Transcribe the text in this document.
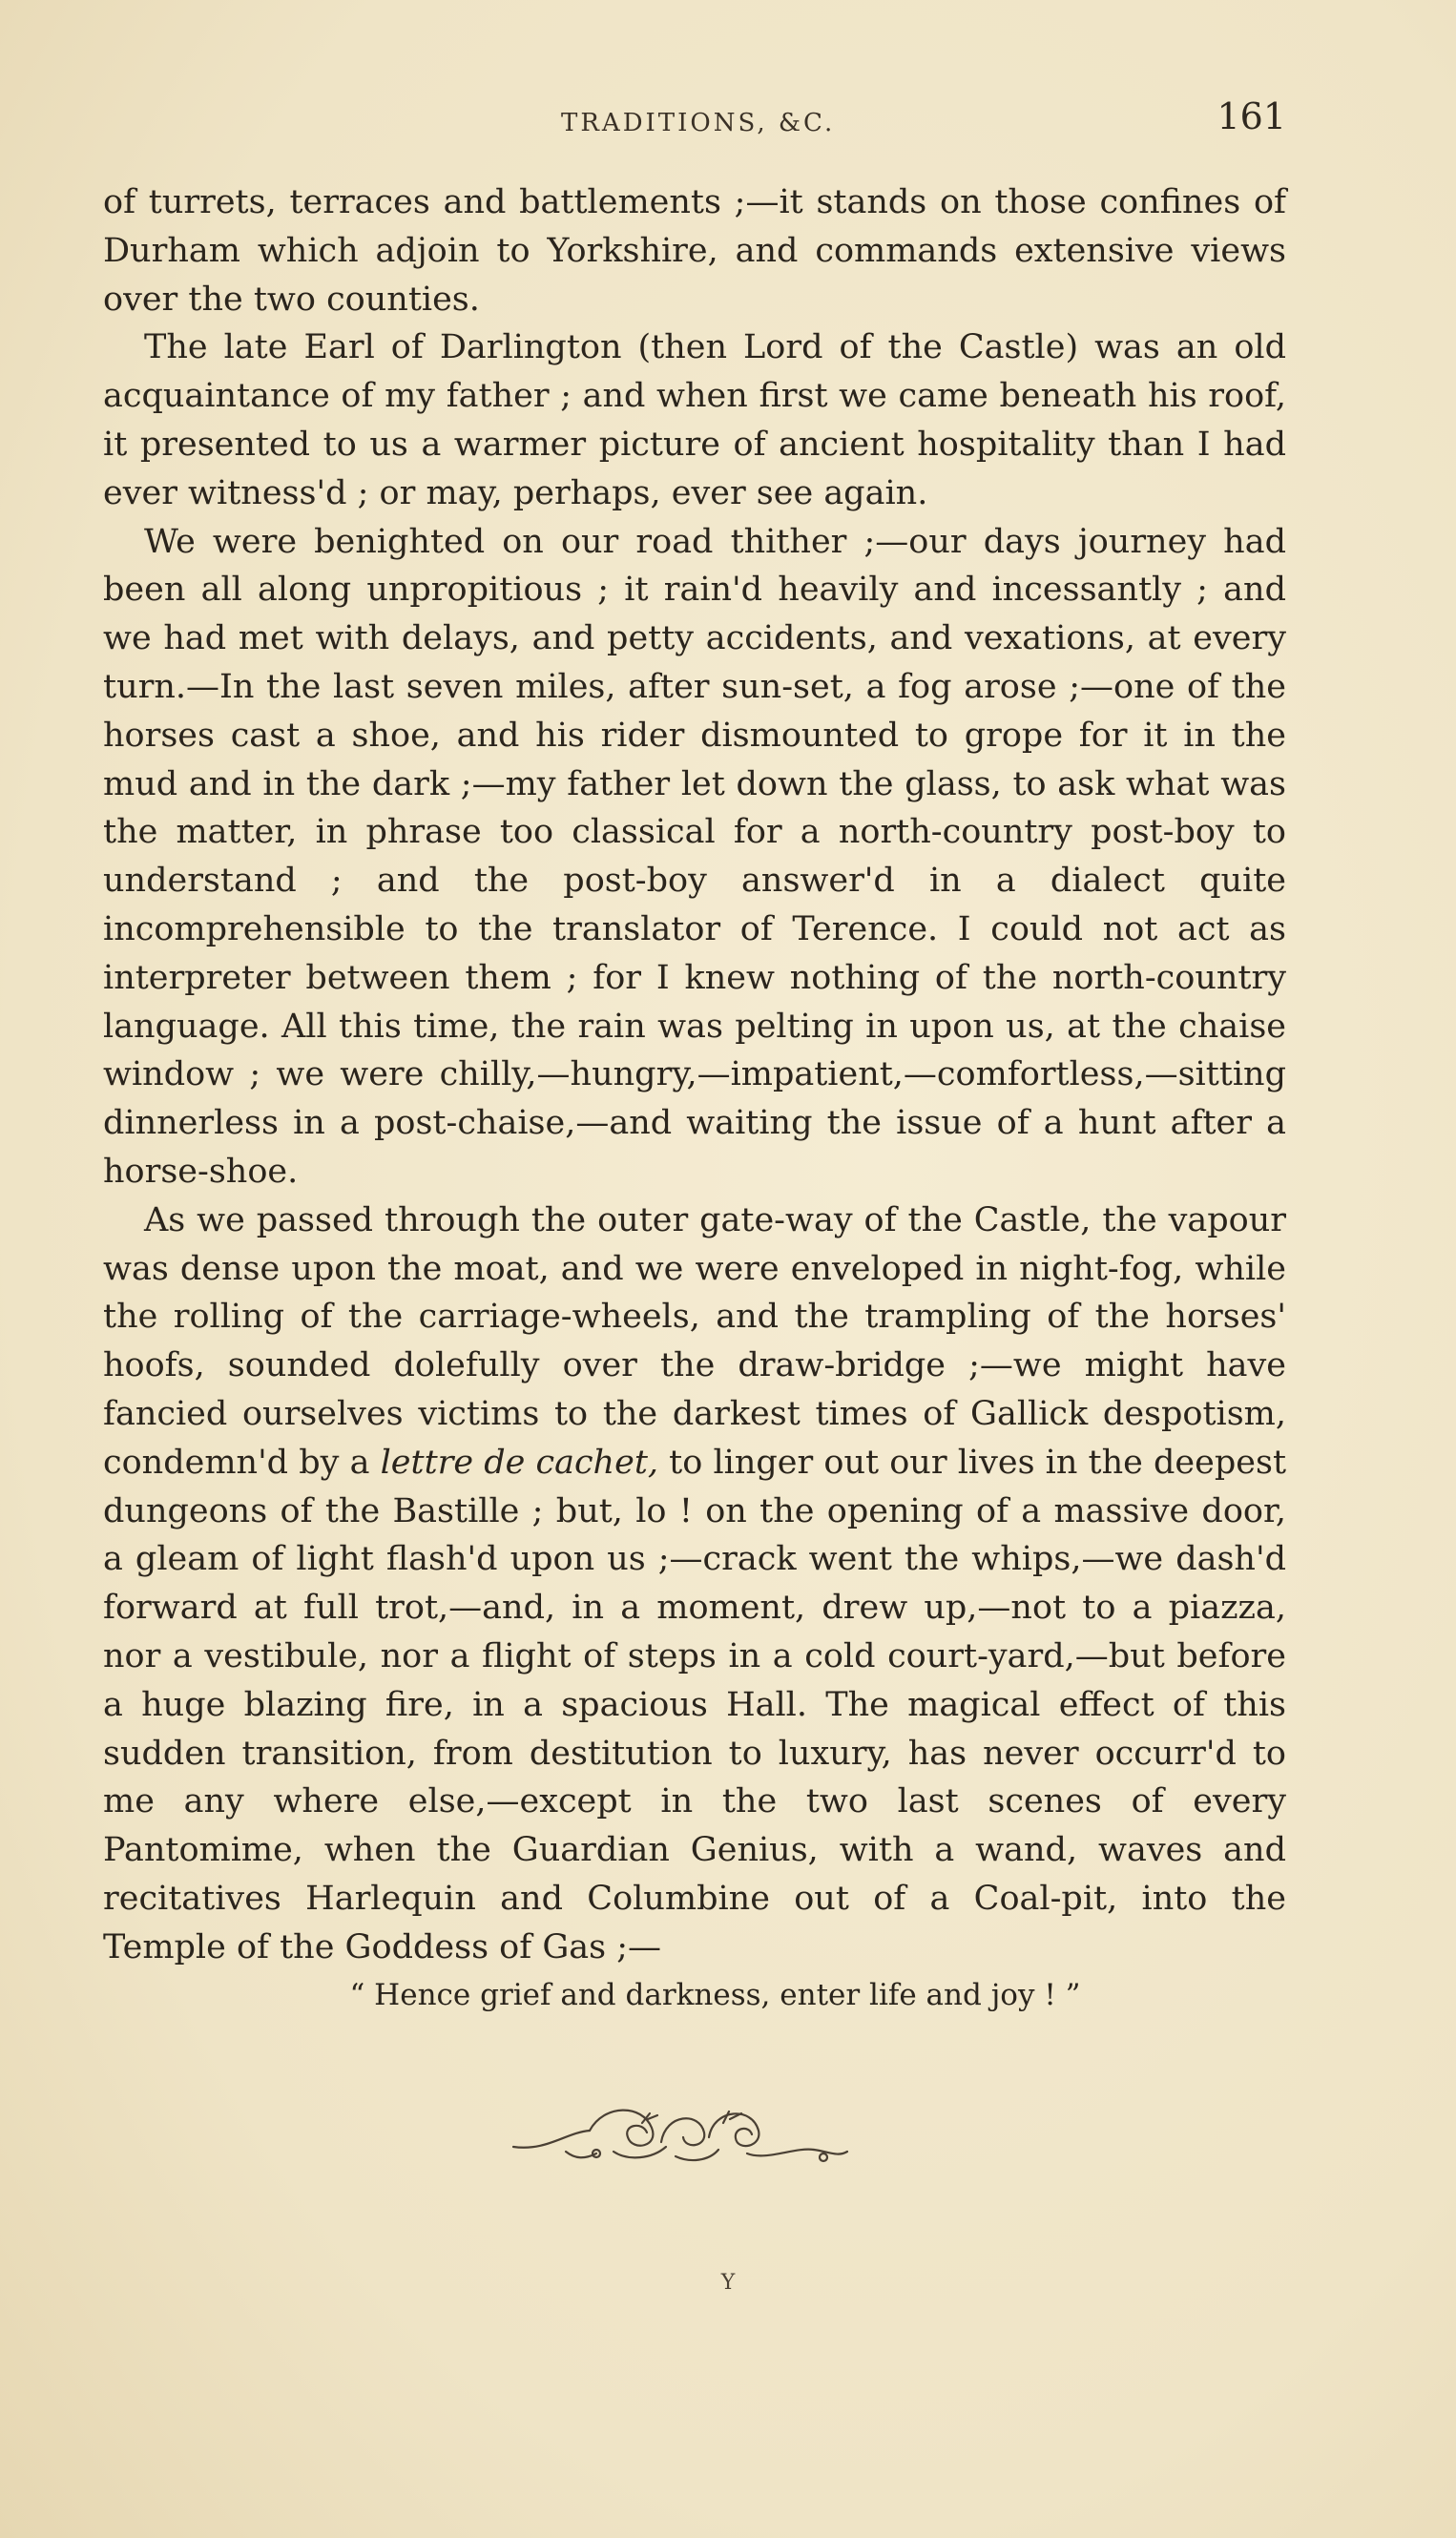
TRADITIONS, &C.	161

of turrets, terraces and battlements ;—it stands on those confines of Durham which adjoin to Yorkshire, and commands extensive views over the two counties.

The late Earl of Darlington (then Lord of the Castle) was an old acquaintance of my father ; and when first we came beneath his roof, it presented to us a warmer picture of ancient hospitality than I had ever witness'd ; or may, perhaps, ever see again.

We were benighted on our road thither ;—our days journey had been all along unpropitious ; it rain'd heavily and incessantly ; and we had met with delays, and petty accidents, and vexations, at every turn.—In the last seven miles, after sun-set, a fog arose ;—one of the horses cast a shoe, and his rider dismounted to grope for it in the mud and in the dark ;—my father let down the glass, to ask what was the matter, in phrase too classical for a north-country post-boy to understand ; and the post-boy answer'd in a dialect quite incomprehensible to the translator of Terence. I could not act as interpreter between them ; for I knew nothing of the north-country language. All this time, the rain was pelting in upon us, at the chaise window ; we were chilly,—hungry,—impatient,—comfortless,—sitting dinnerless in a post-chaise,—and waiting the issue of a hunt after a horse-shoe.

As we passed through the outer gate-way of the Castle, the vapour was dense upon the moat, and we were enveloped in night-fog, while the rolling of the carriage-wheels, and the trampling of the horses' hoofs, sounded dolefully over the draw-bridge ;—we might have fancied ourselves victims to the darkest times of Gallick despotism, condemn'd by a lettre de cachet, to linger out our lives in the deepest dungeons of the Bastille ; but, lo ! on the opening of a massive door, a gleam of light flash'd upon us ;—crack went the whips,—we dash'd forward at full trot,—and, in a moment, drew up,—not to a piazza, nor a vestibule, nor a flight of steps in a cold court-yard,—but before a huge blazing fire, in a spacious Hall. The magical effect of this sudden transition, from destitution to luxury, has never occurr'd to me any where else,—except in the two last scenes of every Pantomime, when the Guardian Genius, with a wand, waves and recitatives Harlequin and Columbine out of a Coal-pit, into the Temple of the Goddess of Gas ;—

“ Hence grief and darkness, enter life and joy ! ”

Y
